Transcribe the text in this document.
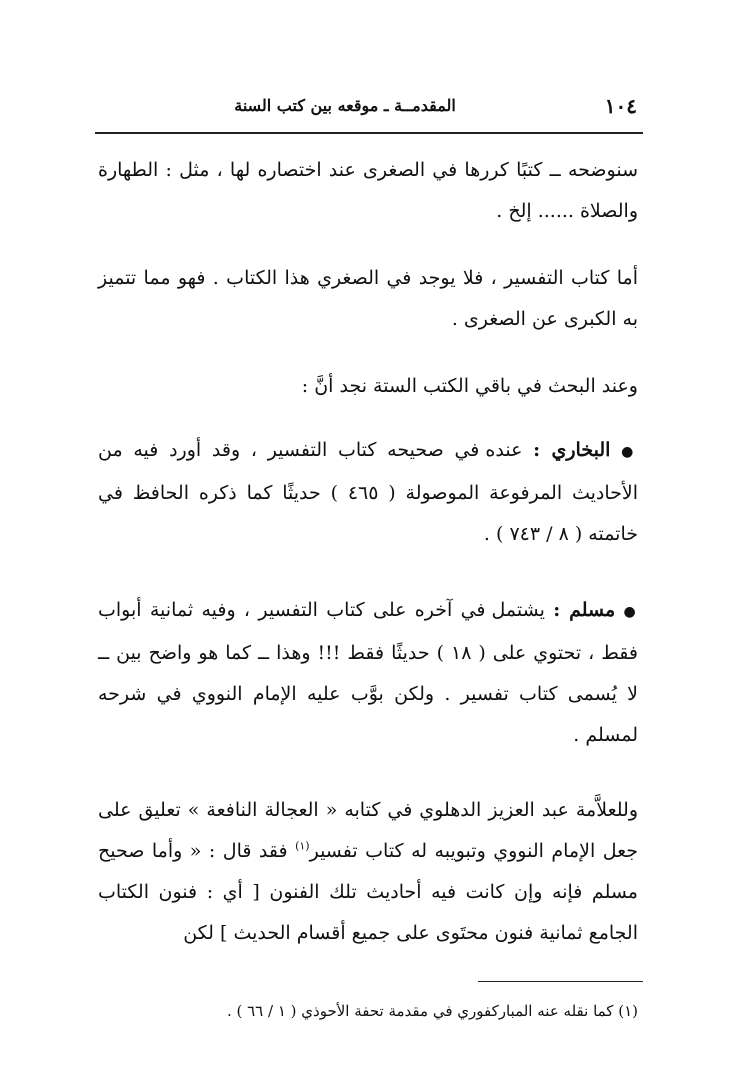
١٠٤
المقدمــة ـ موقعه بين كتب السنة

سنوضحه ــ كتبًا كررها في الصغرى عند اختصاره لها ، مثل : الطهارة والصلاة ...... إلخ .

أما كتاب التفسير ، فلا يوجد في الصغري هذا الكتاب . فهو مما تتميز به الكبرى عن الصغرى .

وعند البحث في باقي الكتب الستة نجد أنَّ :

● البخاري : عنده في صحيحه كتاب التفسير ، وقد أورد فيه من الأحاديث المرفوعة الموصولة ( ٤٦٥ ) حديثًا كما ذكره الحافظ في خاتمته ( ٨ / ٧٤٣ ) .

● مسلم : يشتمل في آخره على كتاب التفسير ، وفيه ثمانية أبواب فقط ، تحتوي على ( ١٨ ) حديثًا فقط !!! وهذا ــ كما هو واضح بين ــ لا يُسمى كتاب تفسير . ولكن بوَّب عليه الإمام النووي في شرحه لمسلم .

وللعلاَّمة عبد العزيز الدهلوي في كتابه « العجالة النافعة » تعليق على جعل الإمام النووي وتبويبه له كتاب تفسير$^{(١)}$ فقد قال : « وأما صحيح مسلم فإنه وإن كانت فيه أحاديث تلك الفنون [ أي : فنون الكتاب الجامع ثمانية فنون محتَوى على جميع أقسام الحديث ] لكن

(١) كما نقله عنه المباركفوري في مقدمة تحفة الأحوذي ( ١ / ٦٦ ) .
